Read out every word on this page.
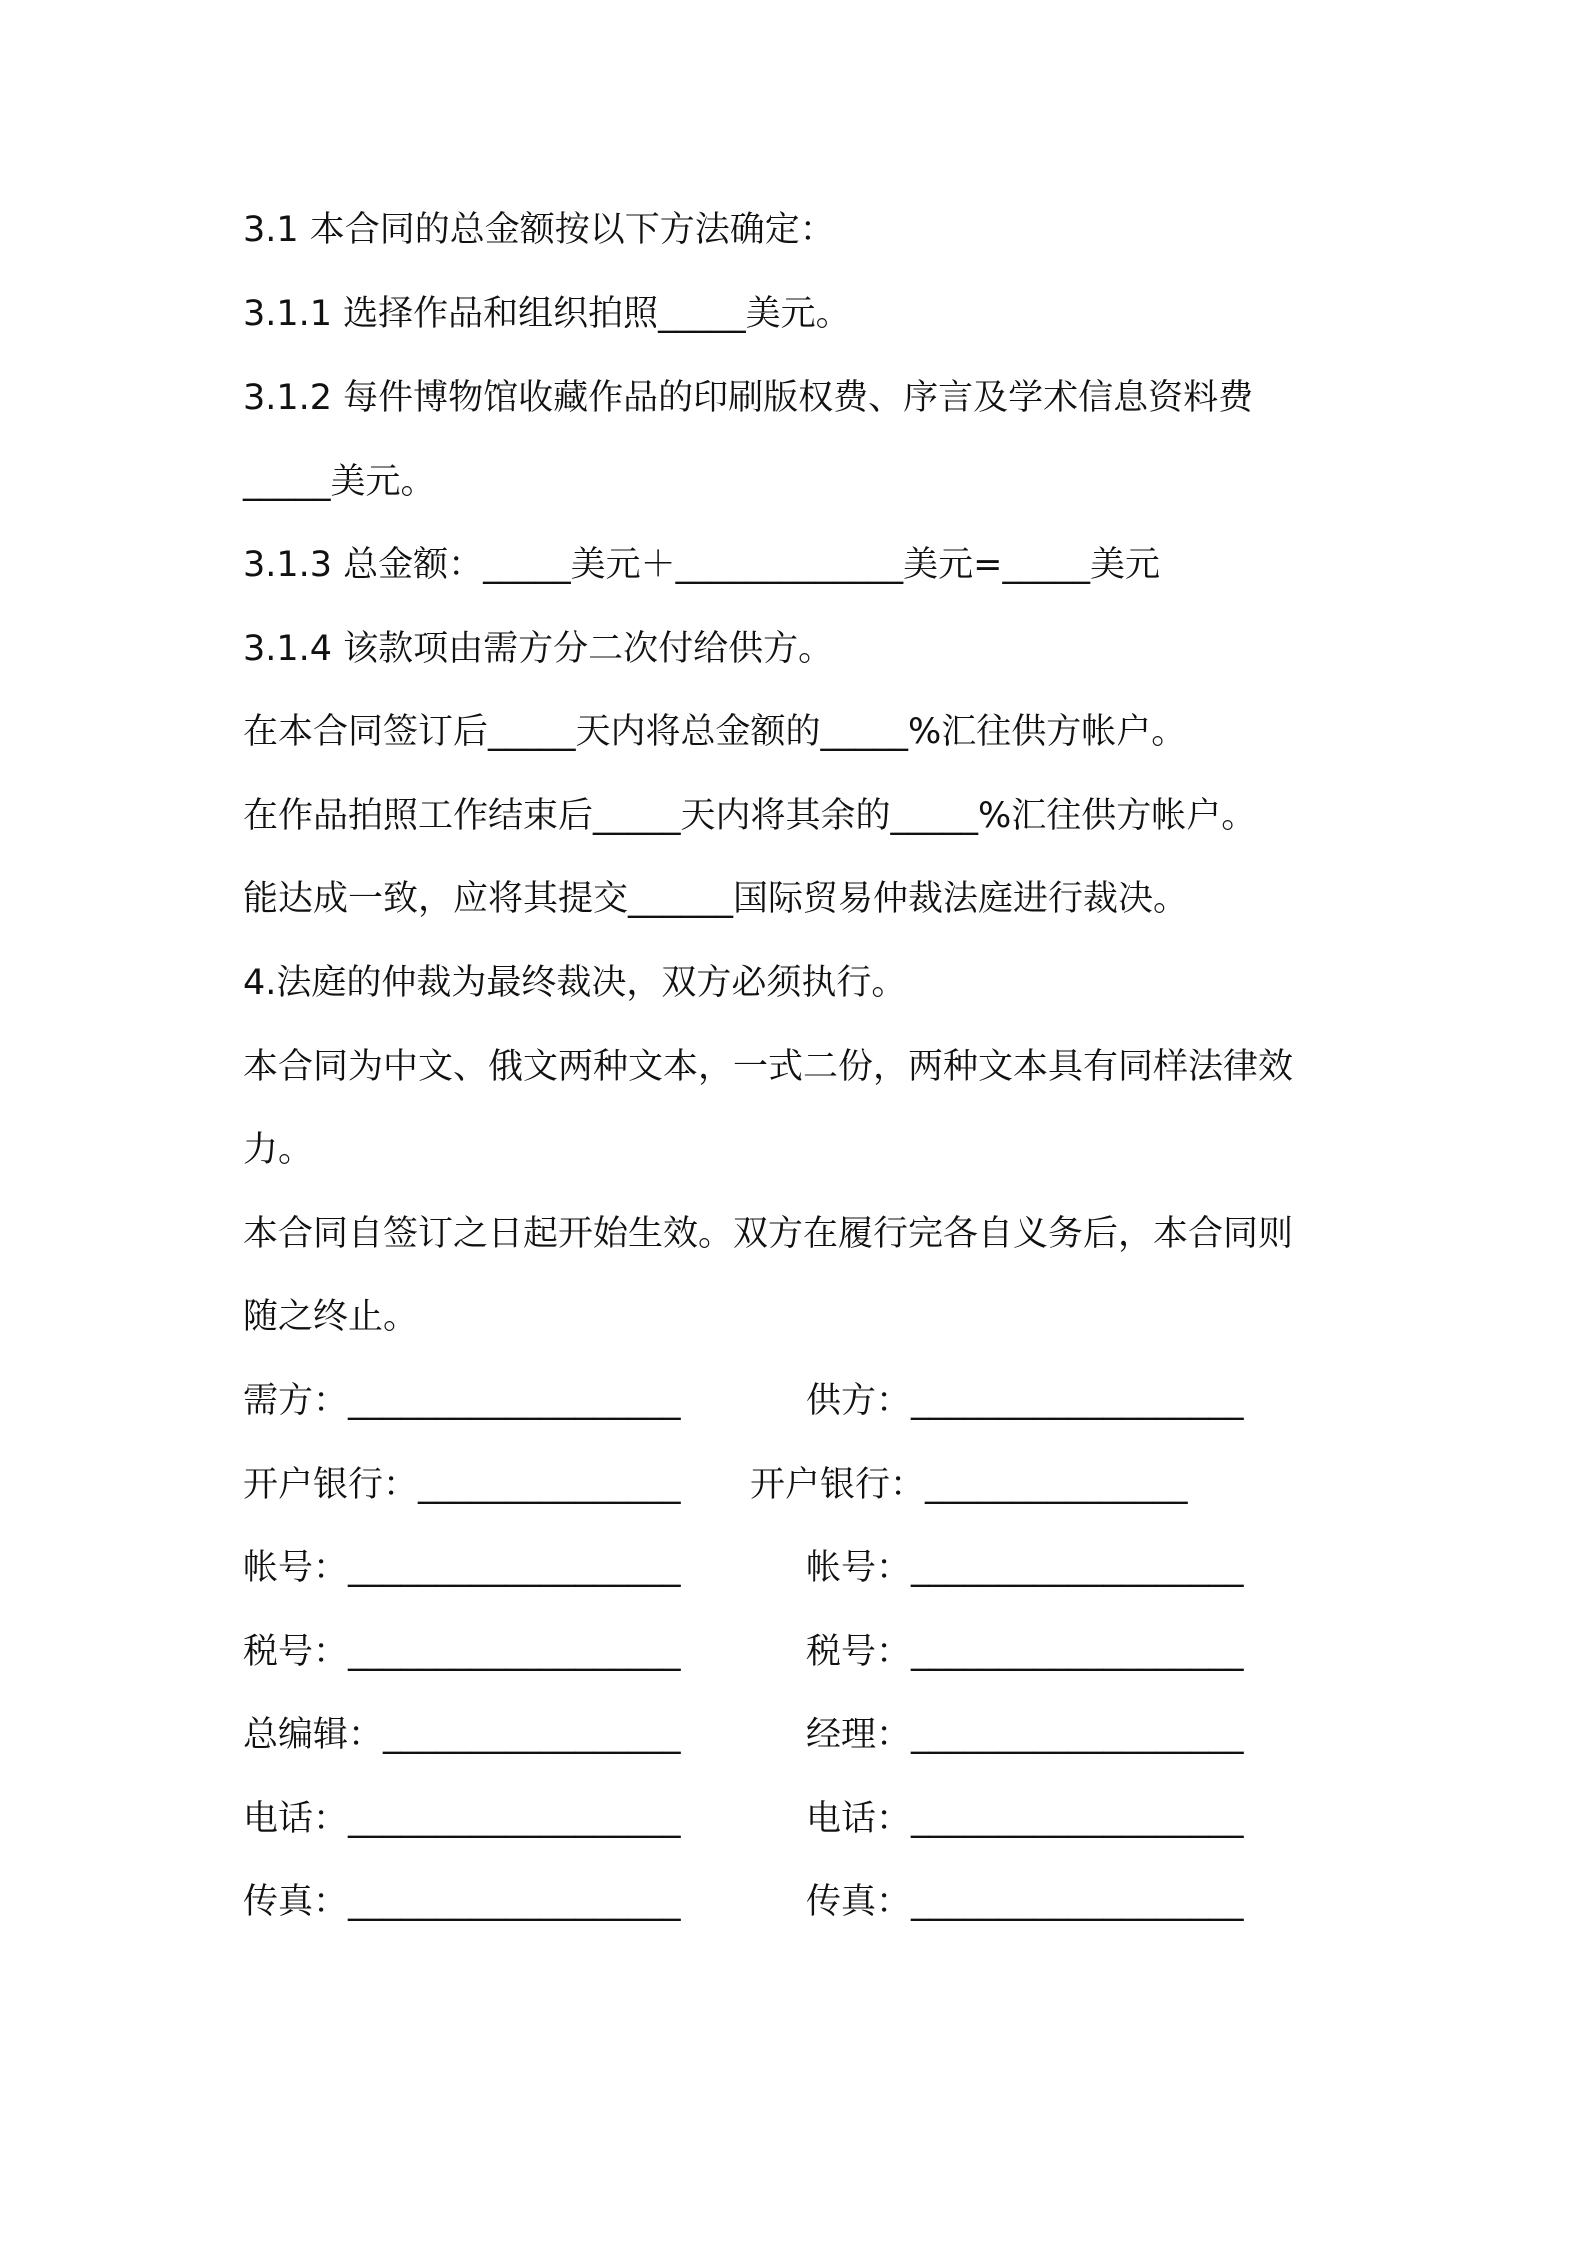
3.1 本合同的总金额按以下方法确定：
3.1.1 选择作品和组织拍照_____美元。
3.1.2 每件博物馆收藏作品的印刷版权费、序言及学术信息资料费
_____美元。
3.1.3 总金额：_____美元＋_____________美元=_____美元
3.1.4 该款项由需方分二次付给供方。
在本合同签订后_____天内将总金额的_____%汇往供方帐户。
在作品拍照工作结束后_____天内将其余的_____%汇往供方帐户。
能达成一致，应将其提交______国际贸易仲裁法庭进行裁决。
4.法庭的仲裁为最终裁决，双方必须执行。
本合同为中文、俄文两种文本，一式二份，两种文本具有同样法律效
力。
本合同自签订之日起开始生效。双方在履行完各自义务后，本合同则
随之终止。
需方：___________________	供方：___________________
开户银行：_______________ 开户银行：_______________
帐号：___________________	帐号：___________________
税号：___________________	税号：___________________
总编辑：_________________	经理：___________________
电话：___________________	电话：___________________
传真：___________________	传真：___________________
